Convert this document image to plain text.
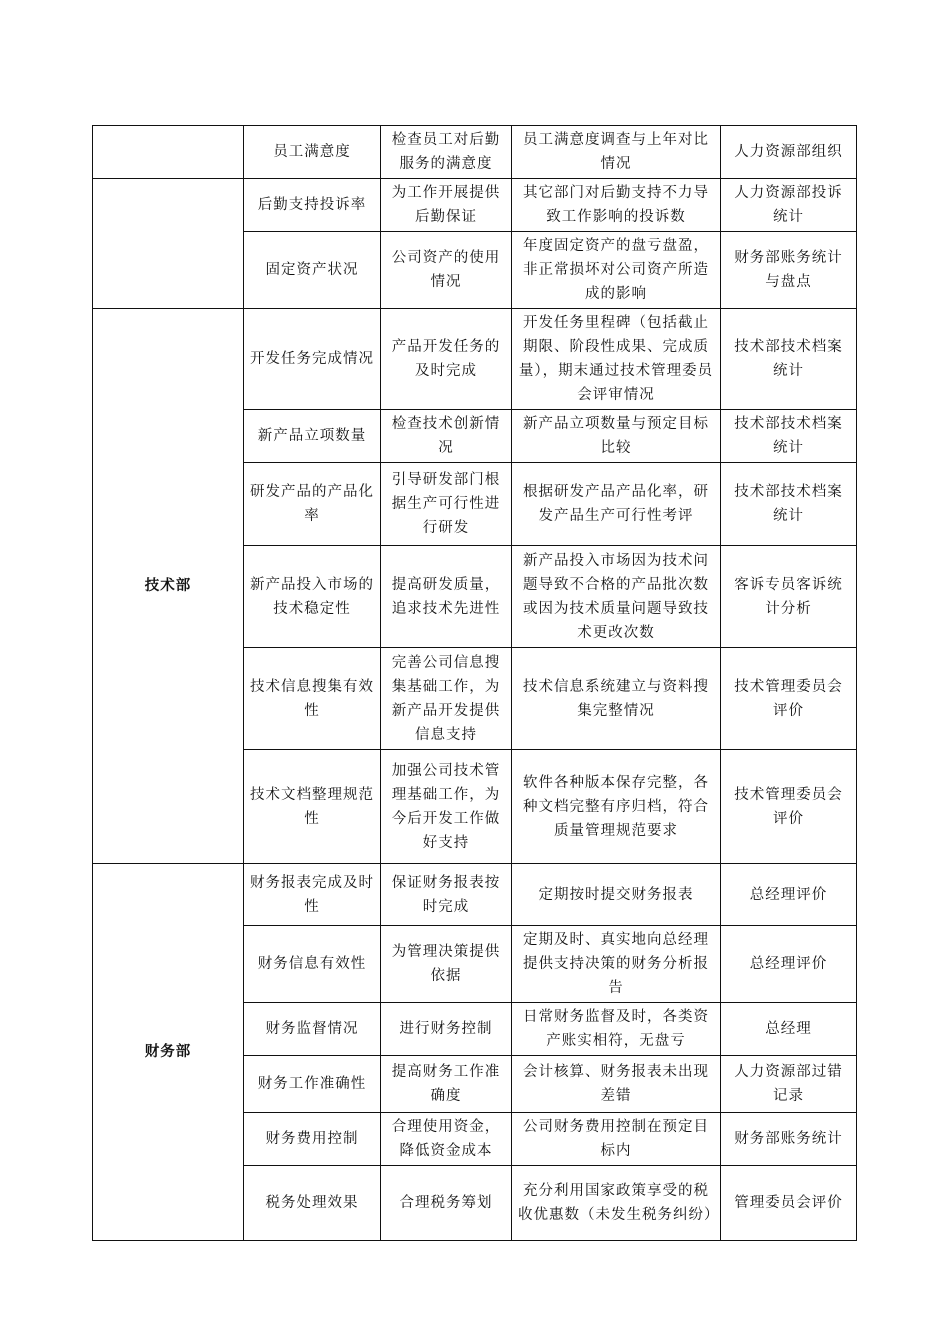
	员工满意度	检查员工对后勤服务的满意度	员工满意度调查与上年对比情况	人力资源部组织
	后勤支持投诉率	为工作开展提供后勤保证	其它部门对后勤支持不力导致工作影响的投诉数	人力资源部投诉统计
	固定资产状况	公司资产的使用情况	年度固定资产的盘亏盘盈，非正常损坏对公司资产所造成的影响	财务部账务统计与盘点
技术部	开发任务完成情况	产品开发任务的及时完成	开发任务里程碑（包括截止期限、阶段性成果、完成质量），期末通过技术管理委员会评审情况	技术部技术档案统计
	新产品立项数量	检查技术创新情况	新产品立项数量与预定目标比较	技术部技术档案统计
	研发产品的产品化率	引导研发部门根据生产可行性进行研发	根据研发产品产品化率，研发产品生产可行性考评	技术部技术档案统计
	新产品投入市场的技术稳定性	提高研发质量，追求技术先进性	新产品投入市场因为技术问题导致不合格的产品批次数或因为技术质量问题导致技术更改次数	客诉专员客诉统计分析
	技术信息搜集有效性	完善公司信息搜集基础工作，为新产品开发提供信息支持	技术信息系统建立与资料搜集完整情况	技术管理委员会评价
	技术文档整理规范性	加强公司技术管理基础工作，为今后开发工作做好支持	软件各种版本保存完整，各种文档完整有序归档，符合质量管理规范要求	技术管理委员会评价
财务部	财务报表完成及时性	保证财务报表按时完成	定期按时提交财务报表	总经理评价
	财务信息有效性	为管理决策提供依据	定期及时、真实地向总经理提供支持决策的财务分析报告	总经理评价
	财务监督情况	进行财务控制	日常财务监督及时，各类资产账实相符，无盘亏	总经理
	财务工作准确性	提高财务工作准确度	会计核算、财务报表未出现差错	人力资源部过错记录
	财务费用控制	合理使用资金，降低资金成本	公司财务费用控制在预定目标内	财务部账务统计
	税务处理效果	合理税务筹划	充分利用国家政策享受的税收优惠数（未发生税务纠纷）	管理委员会评价
